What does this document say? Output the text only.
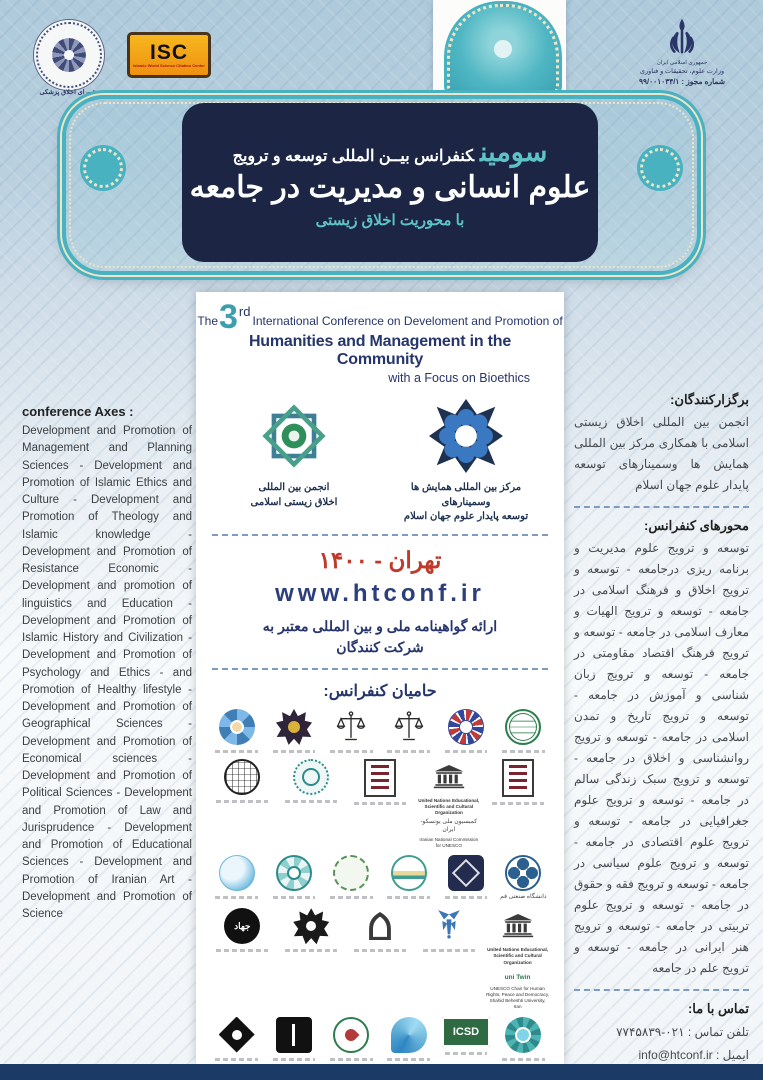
شورای اخلاق پزشکی
ISC
Islamic World Science Citation Center	جمهوری اسلامی ایران
وزارت علوم، تحقیقات و فناوری
شماره مجوز : ۹۹/۰۰۱۰۳۴/۱
سومینکنفرانس بیــن المللی توسعه و ترویج
علوم انسانی و مدیریت در جامعه
با محوریت اخلاق زیستی
conference Axes :
Development and Promotion of Management and Planning Sciences - Development and Promotion of Islamic Ethics and Culture - Development and Promotion of Theology and Islamic knowledge - Development and Promotion of Resistance Economic - Development and promotion of linguistics and Education - Development and Promotion of Islamic History and Civilization - Development and Promotion of Psychology and Ethics - and Promotion of Healthy lifestyle - Development and Promotion of Geographical Sciences - Development and Promotion of Economical sciences - Development and Promotion of Political Sciences - Development and Promotion of Law and Jurisprudence - Development and Promotion of Educational Sciences - Development and Promotion of Iranian Art - Development and Promotion of Science
The 3 rd
International Conference on Develoment and Promotion of
Humanities and Management in the Community
with a Focus on Bioethics
انجمن بین المللی
اخلاق زیستی اسلامی
مرکز بین المللی همایش ها وسمینارهای
توسعه پایدار علوم جهان اسلام
تهران - ۱۴۰۰
www.htconf.ir
ارائه گواهینامه ملی و بین المللی معتبر به
شرکت کنندگان
حامیان کنفرانس:
United Nations Educational, Scientific and Cultural Organization
کمیسیون ملی یونسکو- ایران
Iranian National Commission for UNESCO
دانشگاه صنعتی قم
جهاد
United Nations Educational, Scientific and Cultural Organization
uni Twin
UNESCO Chair for Human Rights, Peace and Democracy, Shahid Beheshti University, Iran
ICSD
برگزارکنندگان:
انجمن بین المللی اخلاق زیستی اسلامی با همکاری مرکز بین المللی همایش ها وسمینارهای توسعه پایدار علوم جهان اسلام
محورهای کنفرانس:
توسعه و ترویج علوم مدیریت و برنامه ریزی درجامعه - توسعه و ترویج اخلاق و فرهنگ اسلامی در جامعه - توسعه و ترویج الهیات و معارف اسلامی در جامعه - توسعه و ترویج فرهنگ اقتصاد مقاومتی در جامعه - توسعه و ترویج زبان شناسی و آموزش در جامعه - توسعه و ترویج تاریخ و تمدن اسلامی در جامعه - توسعه و ترویج روانشناسی و اخلاق در جامعه - توسعه و ترویج سبک زندگی سالم در جامعه - توسعه و ترویج علوم جغرافیایی در جامعه - توسعه و ترویج علوم اقتصادی در جامعه - توسعه و ترویج علوم سیاسی در جامعه - توسعه و ترویج فقه و حقوق در جامعه - توسعه و ترویج علوم تربیتی در جامعه - توسعه و ترویج هنر ایرانی در جامعه - توسعه و ترویج علم در جامعه
تماس با ما:
تلفن تماس : ۰۲۱-۷۷۴۵۸۳۹
ایمیل : info@htconf.ir
